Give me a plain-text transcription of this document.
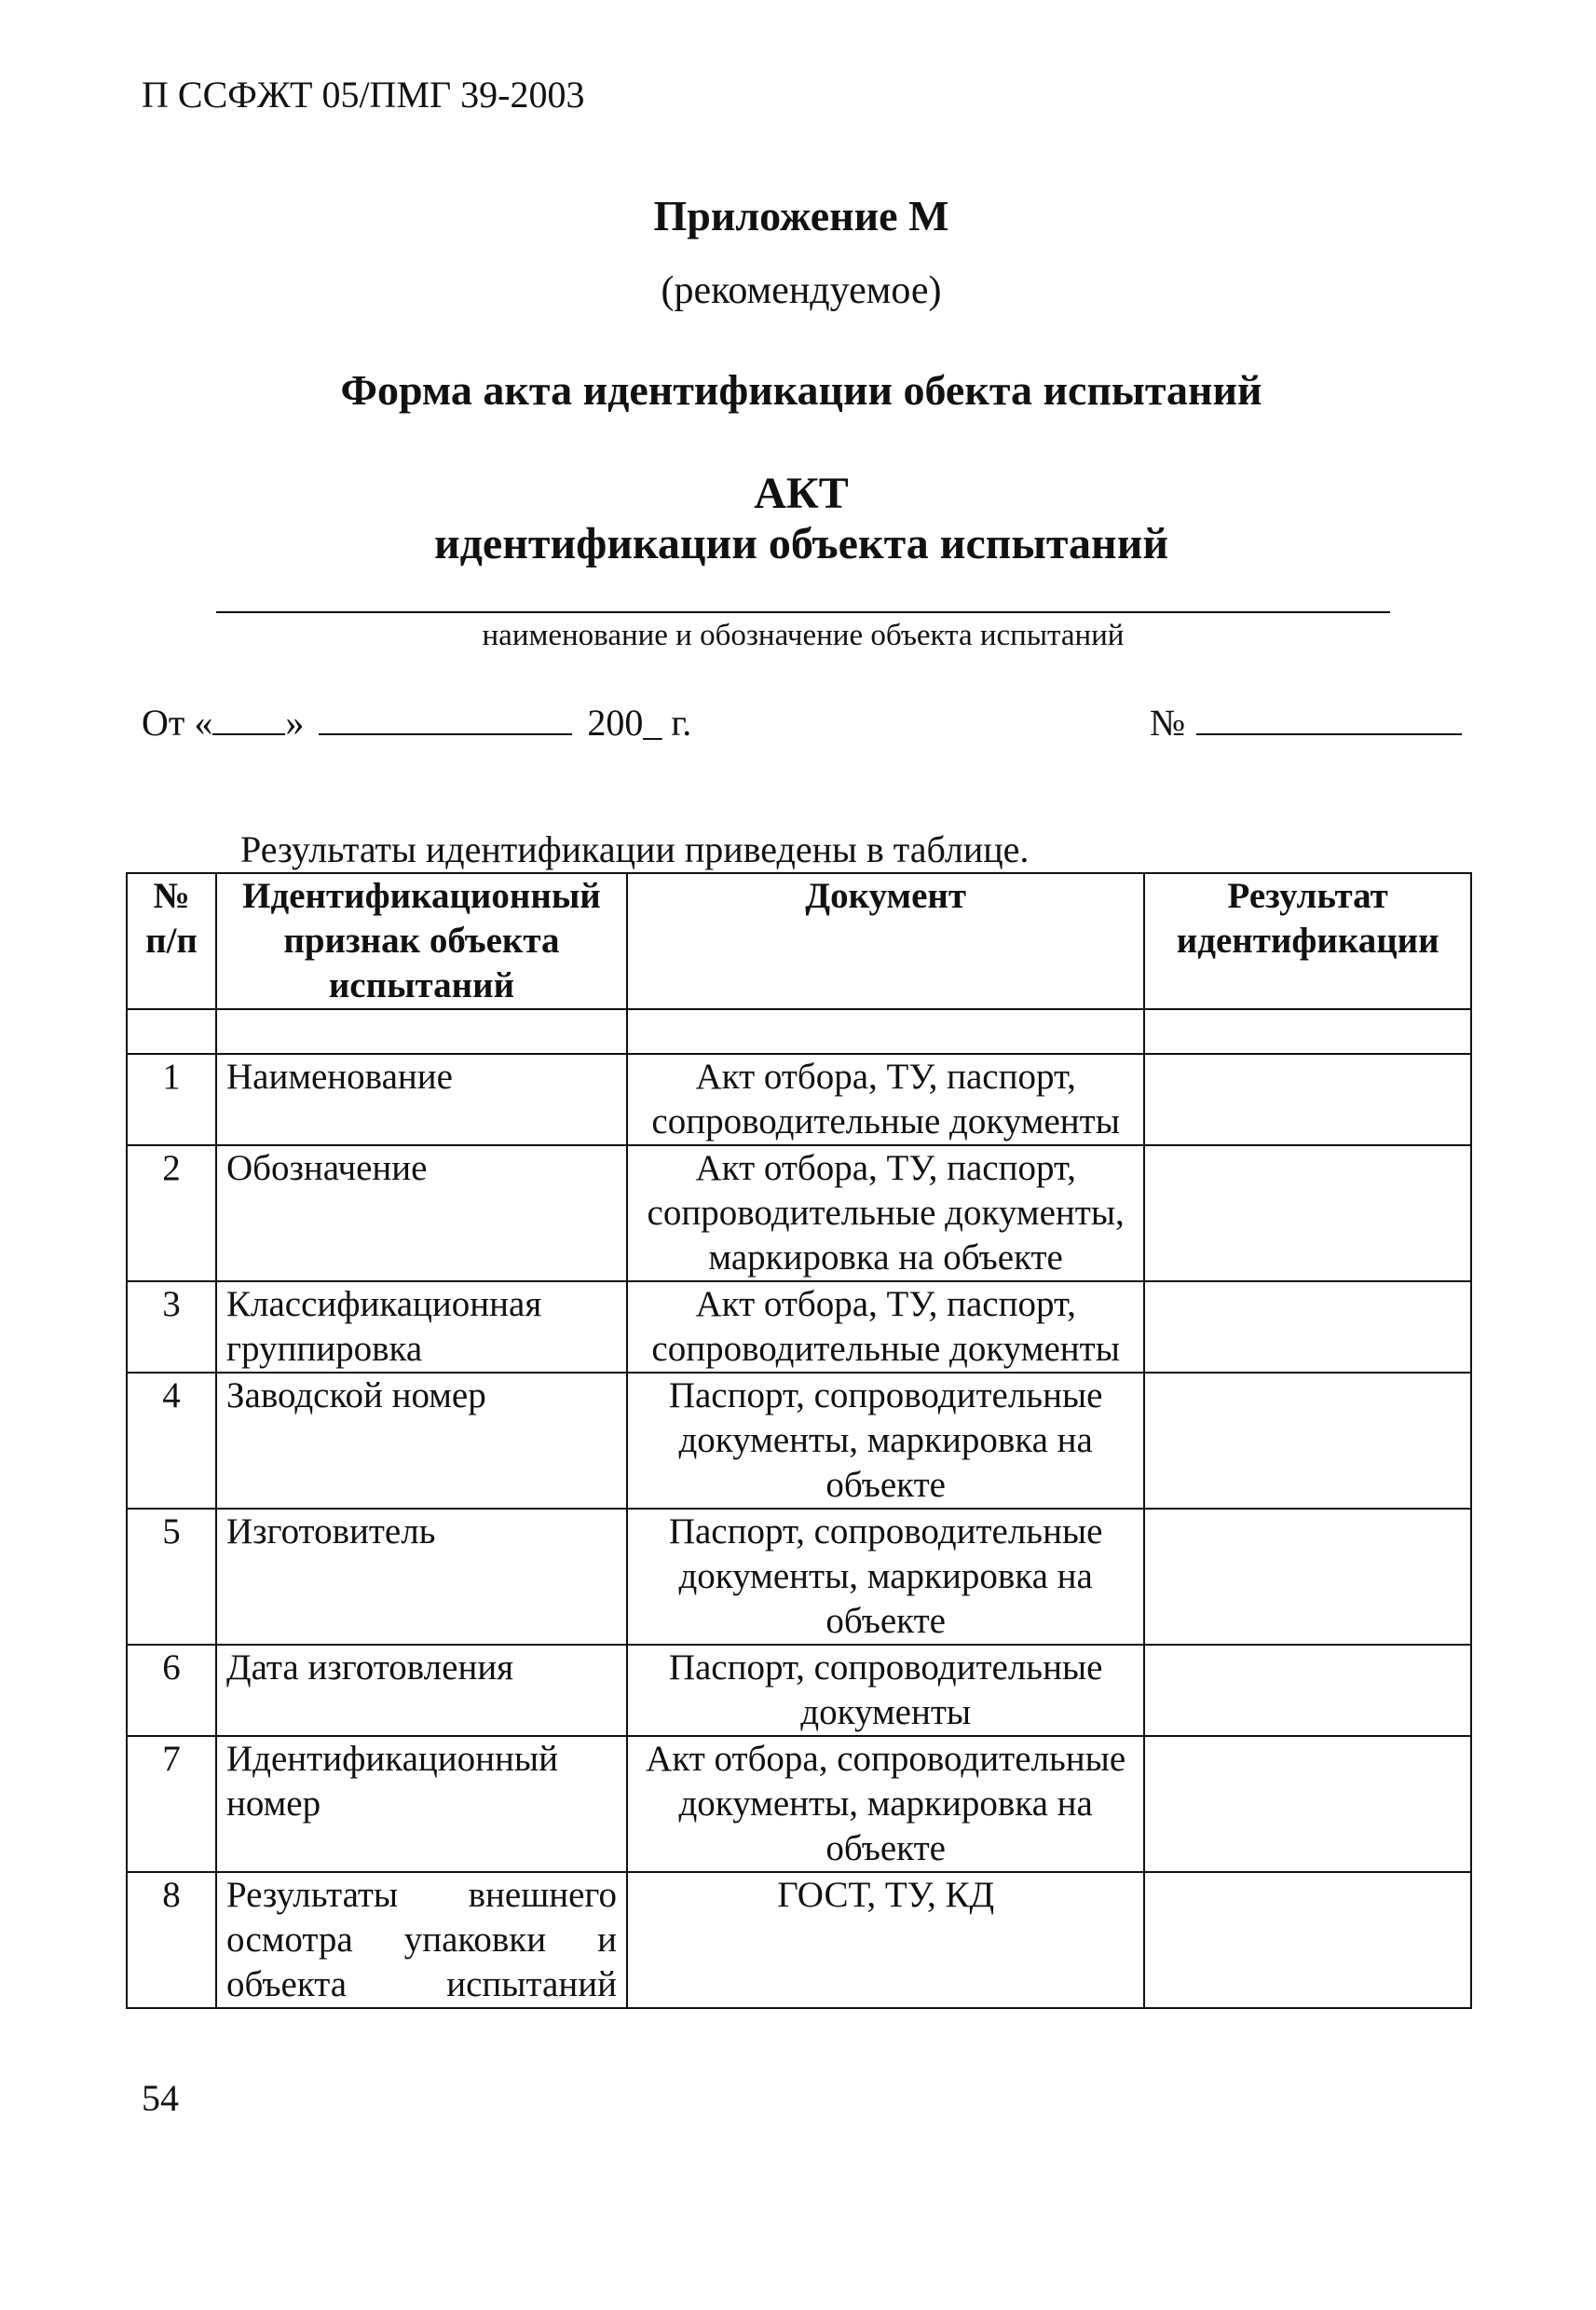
П ССФЖТ 05/ПМГ 39-2003
Приложение М
(рекомендуемое)
Форма акта идентификации обекта испытаний
АКТ
идентификации объекта испытаний
наименование и обозначение объекта испытаний
От « »	200_ г.	№
Результаты идентификации приведены в таблице.
№ п/п	Идентификационный признак объекта испытаний	Документ	Результат идентификации

1	Наименование	Акт отбора, ТУ, паспорт, сопроводительные документы	
2	Обозначение	Акт отбора, ТУ, паспорт, сопроводительные документы, маркировка на объекте	
3	Классификационная группировка	Акт отбора, ТУ, паспорт, сопроводительные документы	
4	Заводской номер	Паспорт, сопроводительные документы, маркировка на объекте	
5	Изготовитель	Паспорт, сопроводительные документы, маркировка на объекте	
6	Дата изготовления	Паспорт, сопроводительные документы	
7	Идентификационный номер	Акт отбора, сопроводительные документы, маркировка на объекте	
8	Результаты внешнего осмотра упаковки и объекта испытаний	ГОСТ, ТУ, КД	
54
